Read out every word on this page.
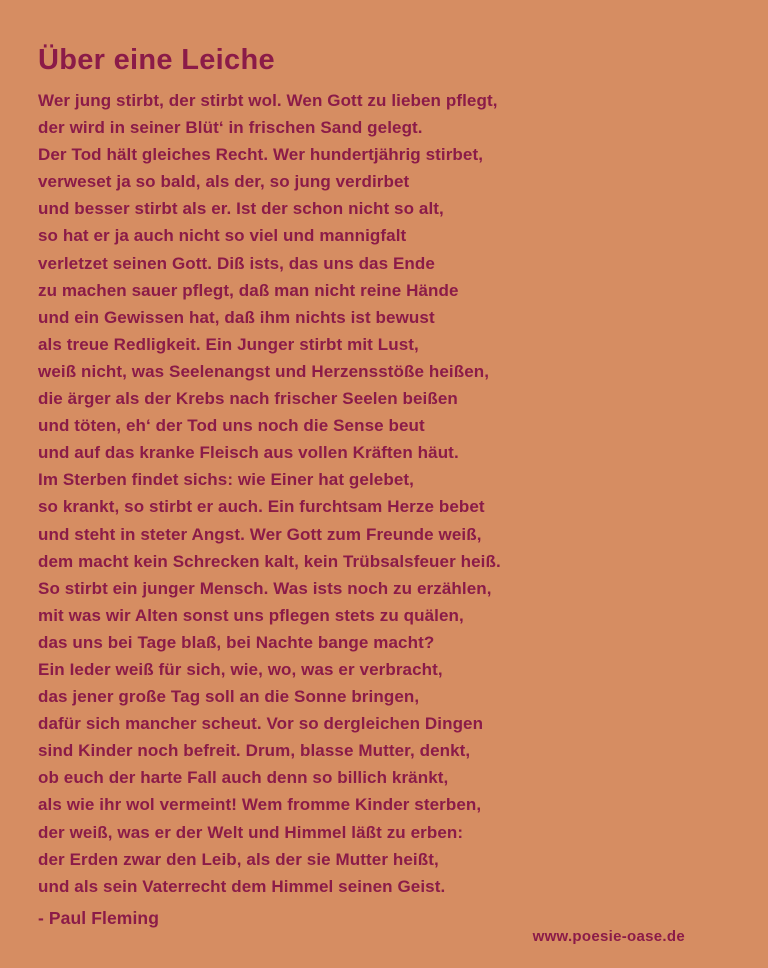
Über eine Leiche
Wer jung stirbt, der stirbt wol. Wen Gott zu lieben pflegt,
der wird in seiner Blüt‘ in frischen Sand gelegt.
Der Tod hält gleiches Recht. Wer hundertjährig stirbet,
verweset ja so bald, als der, so jung verdirbet
und besser stirbt als er. Ist der schon nicht so alt,
so hat er ja auch nicht so viel und mannigfalt
verletzet seinen Gott. Diß ists, das uns das Ende
zu machen sauer pflegt, daß man nicht reine Hände
und ein Gewissen hat, daß ihm nichts ist bewust
als treue Redligkeit. Ein Junger stirbt mit Lust,
weiß nicht, was Seelenangst und Herzensstöße heißen,
die ärger als der Krebs nach frischer Seelen beißen
und töten, eh‘ der Tod uns noch die Sense beut
und auf das kranke Fleisch aus vollen Kräften häut.
Im Sterben findet sichs: wie Einer hat gelebet,
so krankt, so stirbt er auch. Ein furchtsam Herze bebet
und steht in steter Angst. Wer Gott zum Freunde weiß,
dem macht kein Schrecken kalt, kein Trübsalsfeuer heiß.
So stirbt ein junger Mensch. Was ists noch zu erzählen,
mit was wir Alten sonst uns pflegen stets zu quälen,
das uns bei Tage blaß, bei Nachte bange macht?
Ein Ieder weiß für sich, wie, wo, was er verbracht,
das jener große Tag soll an die Sonne bringen,
dafür sich mancher scheut. Vor so dergleichen Dingen
sind Kinder noch befreit. Drum, blasse Mutter, denkt,
ob euch der harte Fall auch denn so billich kränkt,
als wie ihr wol vermeint! Wem fromme Kinder sterben,
der weiß, was er der Welt und Himmel läßt zu erben:
der Erden zwar den Leib, als der sie Mutter heißt,
und als sein Vaterrecht dem Himmel seinen Geist.
- Paul Fleming
www.poesie-oase.de
